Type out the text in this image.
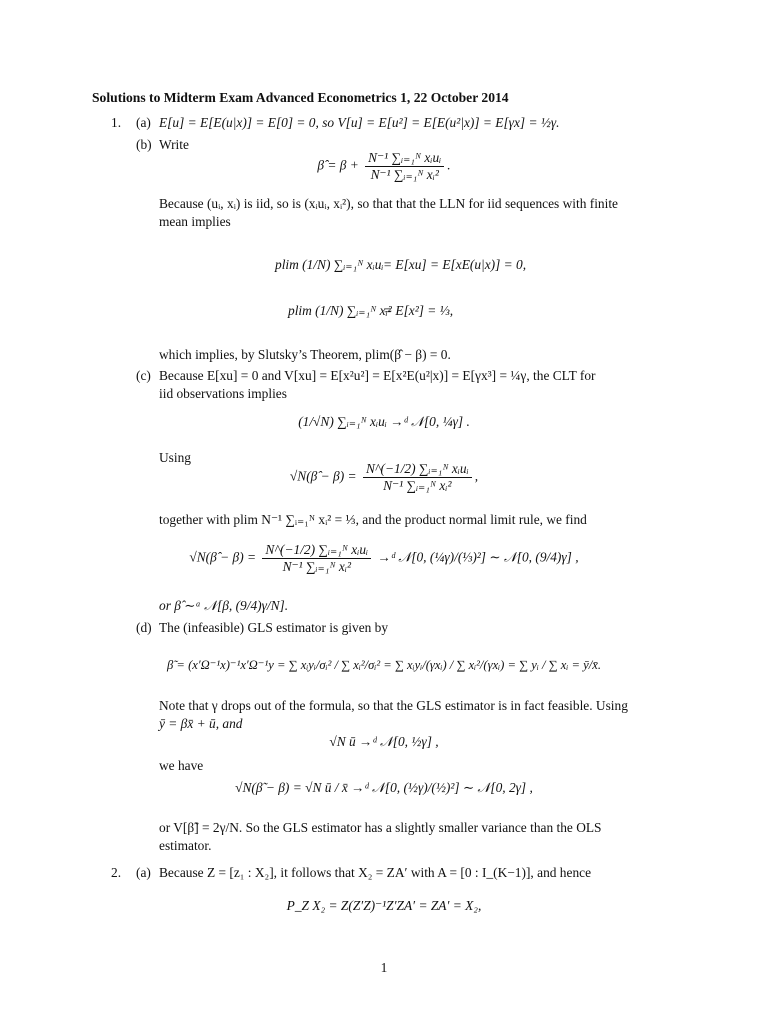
Solutions to Midterm Exam Advanced Econometrics 1, 22 October 2014
1. (a) E[u] = E[E(u|x)] = E[0] = 0, so V[u] = E[u²] = E[E(u²|x)] = E[γx] = ½γ.
(b) Write
β̂ = $\beta + \frac{\text{N⁻¹ ∑ᵢ₌₁ᴺ xᵢuᵢ}}{\text{N⁻¹ ∑ᵢ₌₁ᴺ xᵢ²}}$ .
Because (uᵢ, xᵢ) is iid, so is (xᵢuᵢ, xᵢ²), so that that the LLN for iid sequences with finite
mean implies
plim (1/N) ∑ᵢ₌₁ᴺ xᵢuᵢ = E[xu] = E[xE(u|x)] = 0,
plim (1/N) ∑ᵢ₌₁ᴺ xᵢ²
= E[x²] = ⅓,
which implies, by Slutsky’s Theorem, plim(β̂ − β) = 0.
(c) Because E[xu] = 0 and V[xu] = E[x²u²] = E[x²E(u²|x)] = E[γx³] = ¼γ, the CLT for
iid observations implies
(1/√N) ∑ᵢ₌₁ᴺ xᵢuᵢ →ᵈ 𝒩[0, ¼γ] .
Using
√N(β̂ − $\beta) = \frac{\text{N\textasciicircum{}(−1/2) ∑ᵢ₌₁ᴺ xᵢuᵢ}}{\text{N⁻¹ ∑ᵢ₌₁ᴺ xᵢ²}}$ ,
together with plim N⁻¹ ∑ᵢ₌₁ᴺ xᵢ² = ⅓, and the product normal limit rule, we find
√N(β̂ − $\beta) = \frac{\text{N\textasciicircum{}(−1/2) ∑ᵢ₌₁ᴺ xᵢuᵢ}}{\text{N⁻¹ ∑ᵢ₌₁ᴺ xᵢ²}}$ →ᵈ 𝒩[0, (¼γ)/(⅓)²] ∼ 𝒩[0, (9/4)γ] ,
or β̂ ∼ᵃ 𝒩[β, (9/4)γ/N].
(d) The (infeasible) GLS estimator is given by
β̃ = (x′Ω⁻¹x)⁻¹x′Ω⁻¹y = ∑ xᵢyᵢ/σᵢ² / ∑ xᵢ²/σᵢ² = ∑ xᵢyᵢ/(γxᵢ) / ∑ xᵢ²/(γxᵢ) = ∑ yᵢ / ∑ xᵢ = ȳ/x̄.
Note that γ drops out of the formula, so that the GLS estimator is in fact feasible. Using
ȳ = βx̄ + ū, and
√N ū →ᵈ 𝒩[0, ½γ] ,
we have
√N(β̃ − β) = √N ū / x̄ →ᵈ 𝒩[0, (½γ)/(½)²] ∼ 𝒩[0, 2γ] ,
or V[β̃] = 2γ/N. So the GLS estimator has a slightly smaller variance than the OLS
estimator.
2. (a) Because Z = [z₁ : X₂], it follows that X₂ = ZA′ with A = [0 : I_(K−1)], and hence
P_Z X₂ = Z(Z′Z)⁻¹Z′ZA′ = ZA′ = X₂,
1
